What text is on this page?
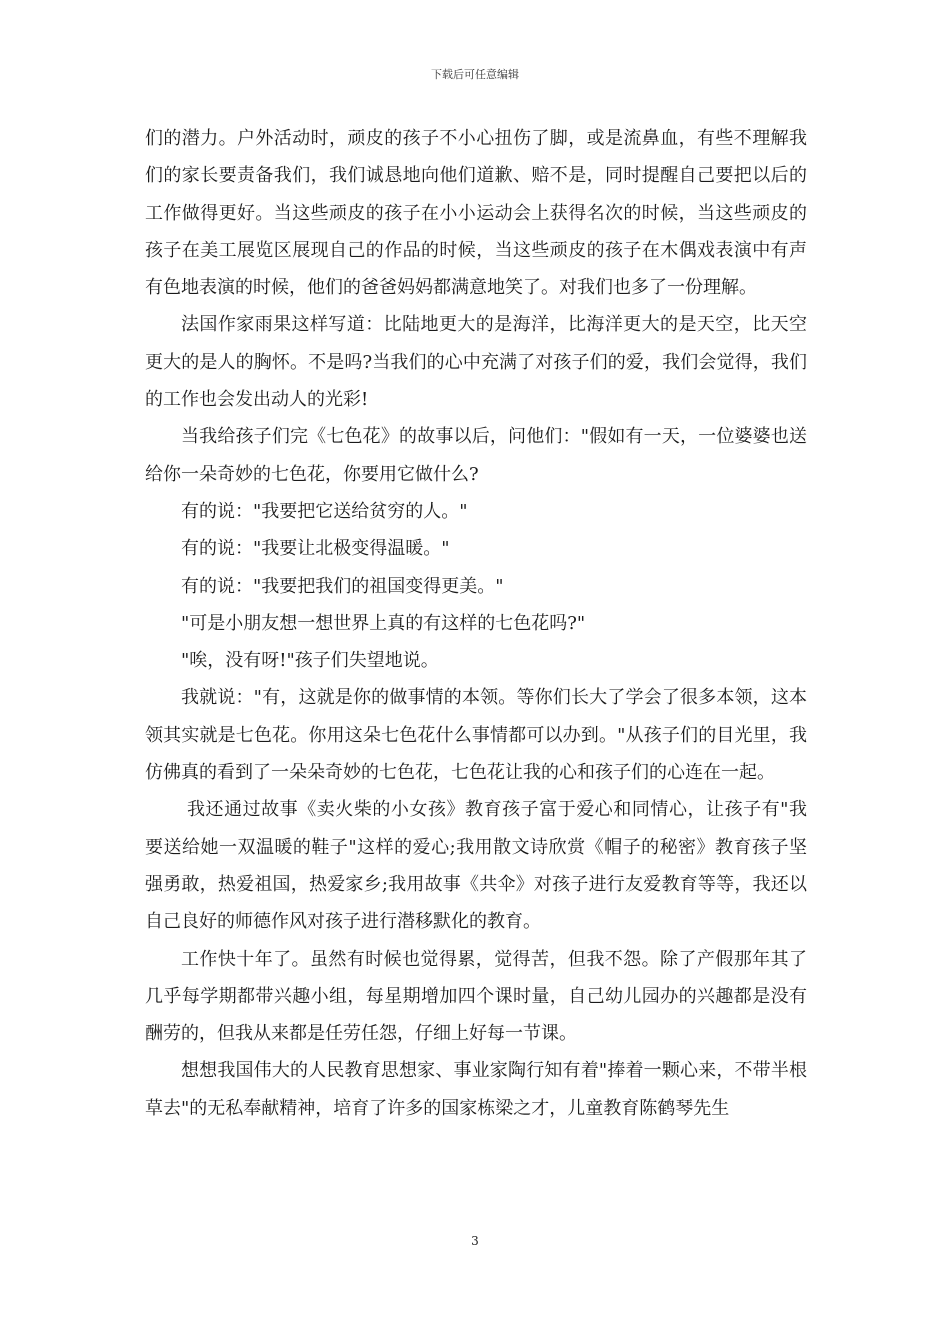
下载后可任意编辑

们的潜力。户外活动时，顽皮的孩子不小心扭伤了脚，或是流鼻血，有些不理解我们的家长要责备我们，我们诚恳地向他们道歉、赔不是，同时提醒自己要把以后的工作做得更好。当这些顽皮的孩子在小小运动会上获得名次的时候，当这些顽皮的孩子在美工展览区展现自己的作品的时候，当这些顽皮的孩子在木偶戏表演中有声有色地表演的时候，他们的爸爸妈妈都满意地笑了。对我们也多了一份理解。

法国作家雨果这样写道：比陆地更大的是海洋，比海洋更大的是天空，比天空更大的是人的胸怀。不是吗?当我们的心中充满了对孩子们的爱，我们会觉得，我们的工作也会发出动人的光彩!

当我给孩子们完《七色花》的故事以后，问他们："假如有一天，一位婆婆也送给你一朵奇妙的七色花，你要用它做什么?

有的说："我要把它送给贫穷的人。"

有的说："我要让北极变得温暖。"

有的说："我要把我们的祖国变得更美。"

"可是小朋友想一想世界上真的有这样的七色花吗?"

"唉，没有呀!"孩子们失望地说。

我就说："有，这就是你的做事情的本领。等你们长大了学会了很多本领，这本领其实就是七色花。你用这朵七色花什么事情都可以办到。"从孩子们的目光里，我仿佛真的看到了一朵朵奇妙的七色花，七色花让我的心和孩子们的心连在一起。

我还通过故事《卖火柴的小女孩》教育孩子富于爱心和同情心，让孩子有"我要送给她一双温暖的鞋子"这样的爱心;我用散文诗欣赏《帽子的秘密》教育孩子坚强勇敢，热爱祖国，热爱家乡;我用故事《共伞》对孩子进行友爱教育等等，我还以自己良好的师德作风对孩子进行潜移默化的教育。

工作快十年了。虽然有时候也觉得累，觉得苦，但我不怨。除了产假那年其了几乎每学期都带兴趣小组，每星期增加四个课时量，自己幼儿园办的兴趣都是没有酬劳的，但我从来都是任劳任怨，仔细上好每一节课。

想想我国伟大的人民教育思想家、事业家陶行知有着"捧着一颗心来，不带半根草去"的无私奉献精神，培育了许多的国家栋梁之才，儿童教育陈鹤琴先生

3
